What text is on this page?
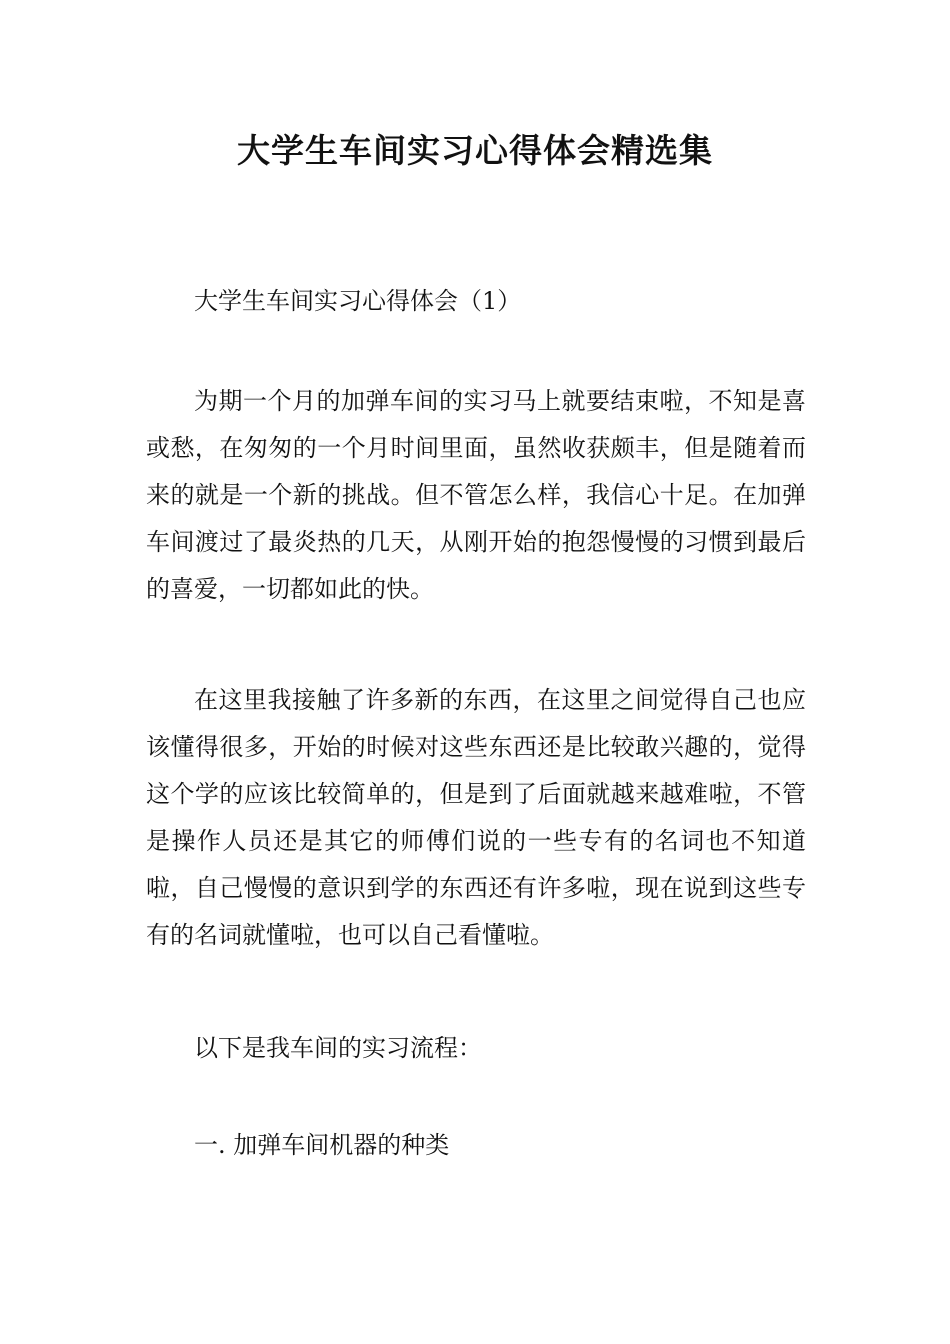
大学生车间实习心得体会精选集

大学生车间实习心得体会（1）

为期一个月的加弹车间的实习马上就要结束啦，不知是喜或愁，在匆匆的一个月时间里面，虽然收获颇丰，但是随着而来的就是一个新的挑战。但不管怎么样，我信心十足。在加弹车间渡过了最炎热的几天，从刚开始的抱怨慢慢的习惯到最后的喜爱，一切都如此的快。

在这里我接触了许多新的东西，在这里之间觉得自己也应该懂得很多，开始的时候对这些东西还是比较敢兴趣的，觉得这个学的应该比较简单的，但是到了后面就越来越难啦，不管是操作人员还是其它的师傅们说的一些专有的名词也不知道啦，自己慢慢的意识到学的东西还有许多啦，现在说到这些专有的名词就懂啦，也可以自己看懂啦。

以下是我车间的实习流程：

一. 加弹车间机器的种类
